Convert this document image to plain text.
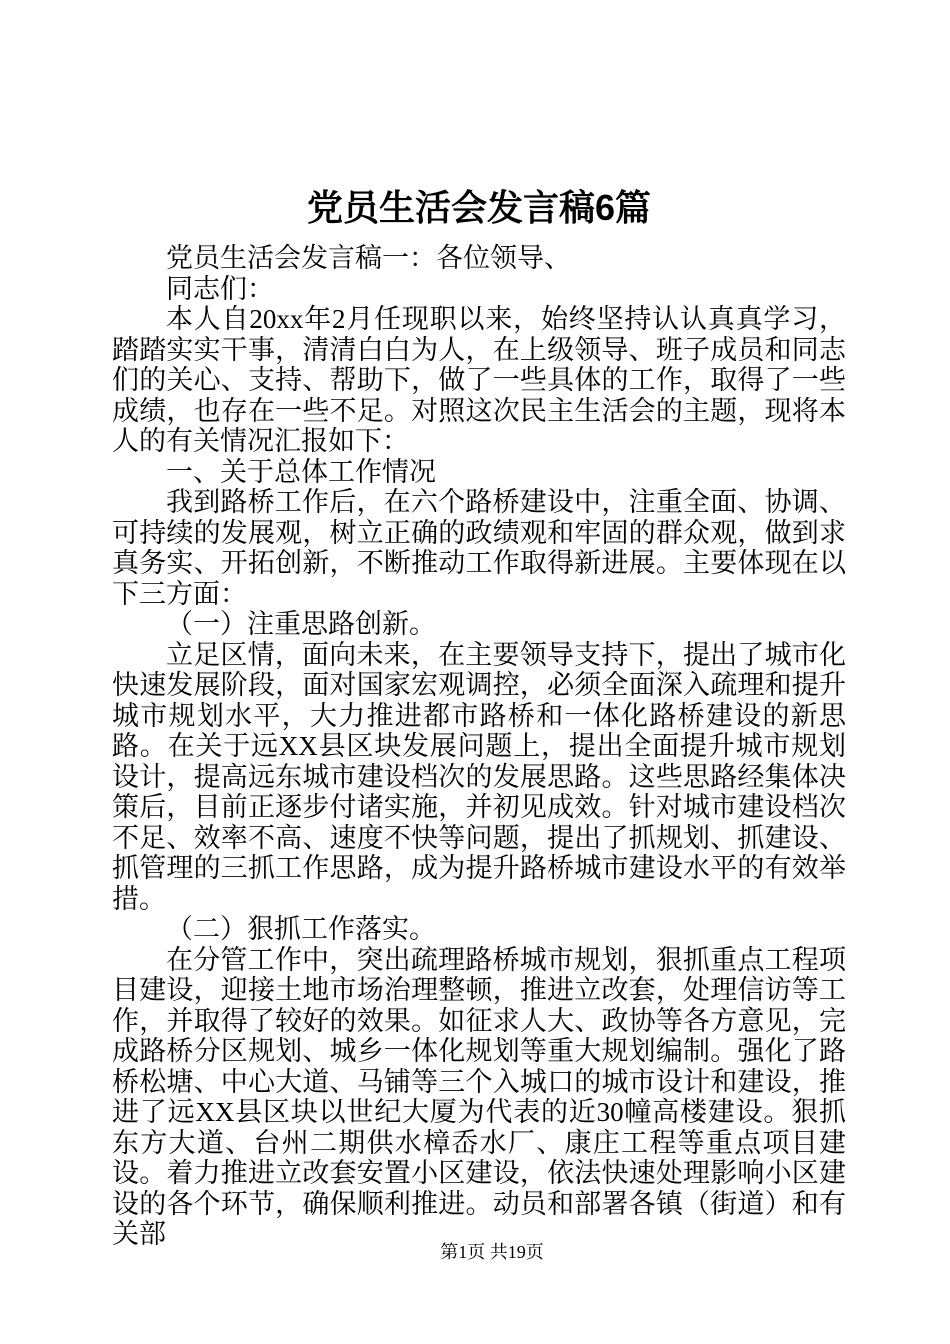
党员生活会发言稿6篇

党员生活会发言稿一：各位领导、

同志们：

本人自20xx年2月任现职以来，始终坚持认认真真学习，踏踏实实干事，清清白白为人，在上级领导、班子成员和同志们的关心、支持、帮助下，做了一些具体的工作，取得了一些成绩，也存在一些不足。对照这次民主生活会的主题，现将本人的有关情况汇报如下：

一、关于总体工作情况

我到路桥工作后，在六个路桥建设中，注重全面、协调、可持续的发展观，树立正确的政绩观和牢固的群众观，做到求真务实、开拓创新，不断推动工作取得新进展。主要体现在以下三方面：

（一）注重思路创新。

立足区情，面向未来，在主要领导支持下，提出了城市化快速发展阶段，面对国家宏观调控，必须全面深入疏理和提升城市规划水平，大力推进都市路桥和一体化路桥建设的新思路。在关于远XX县区块发展问题上，提出全面提升城市规划设计，提高远东城市建设档次的发展思路。这些思路经集体决策后，目前正逐步付诸实施，并初见成效。针对城市建设档次不足、效率不高、速度不快等问题，提出了抓规划、抓建设、抓管理的三抓工作思路，成为提升路桥城市建设水平的有效举措。

（二）狠抓工作落实。

在分管工作中，突出疏理路桥城市规划，狠抓重点工程项目建设，迎接土地市场治理整顿，推进立改套，处理信访等工作，并取得了较好的效果。如征求人大、政协等各方意见，完成路桥分区规划、城乡一体化规划等重大规划编制。强化了路桥松塘、中心大道、马铺等三个入城口的城市设计和建设，推进了远XX县区块以世纪大厦为代表的近30幢高楼建设。狠抓东方大道、台州二期供水樟岙水厂、康庄工程等重点项目建设。着力推进立改套安置小区建设，依法快速处理影响小区建设的各个环节，确保顺利推进。动员和部署各镇（街道）和有关部

第1页 共19页
